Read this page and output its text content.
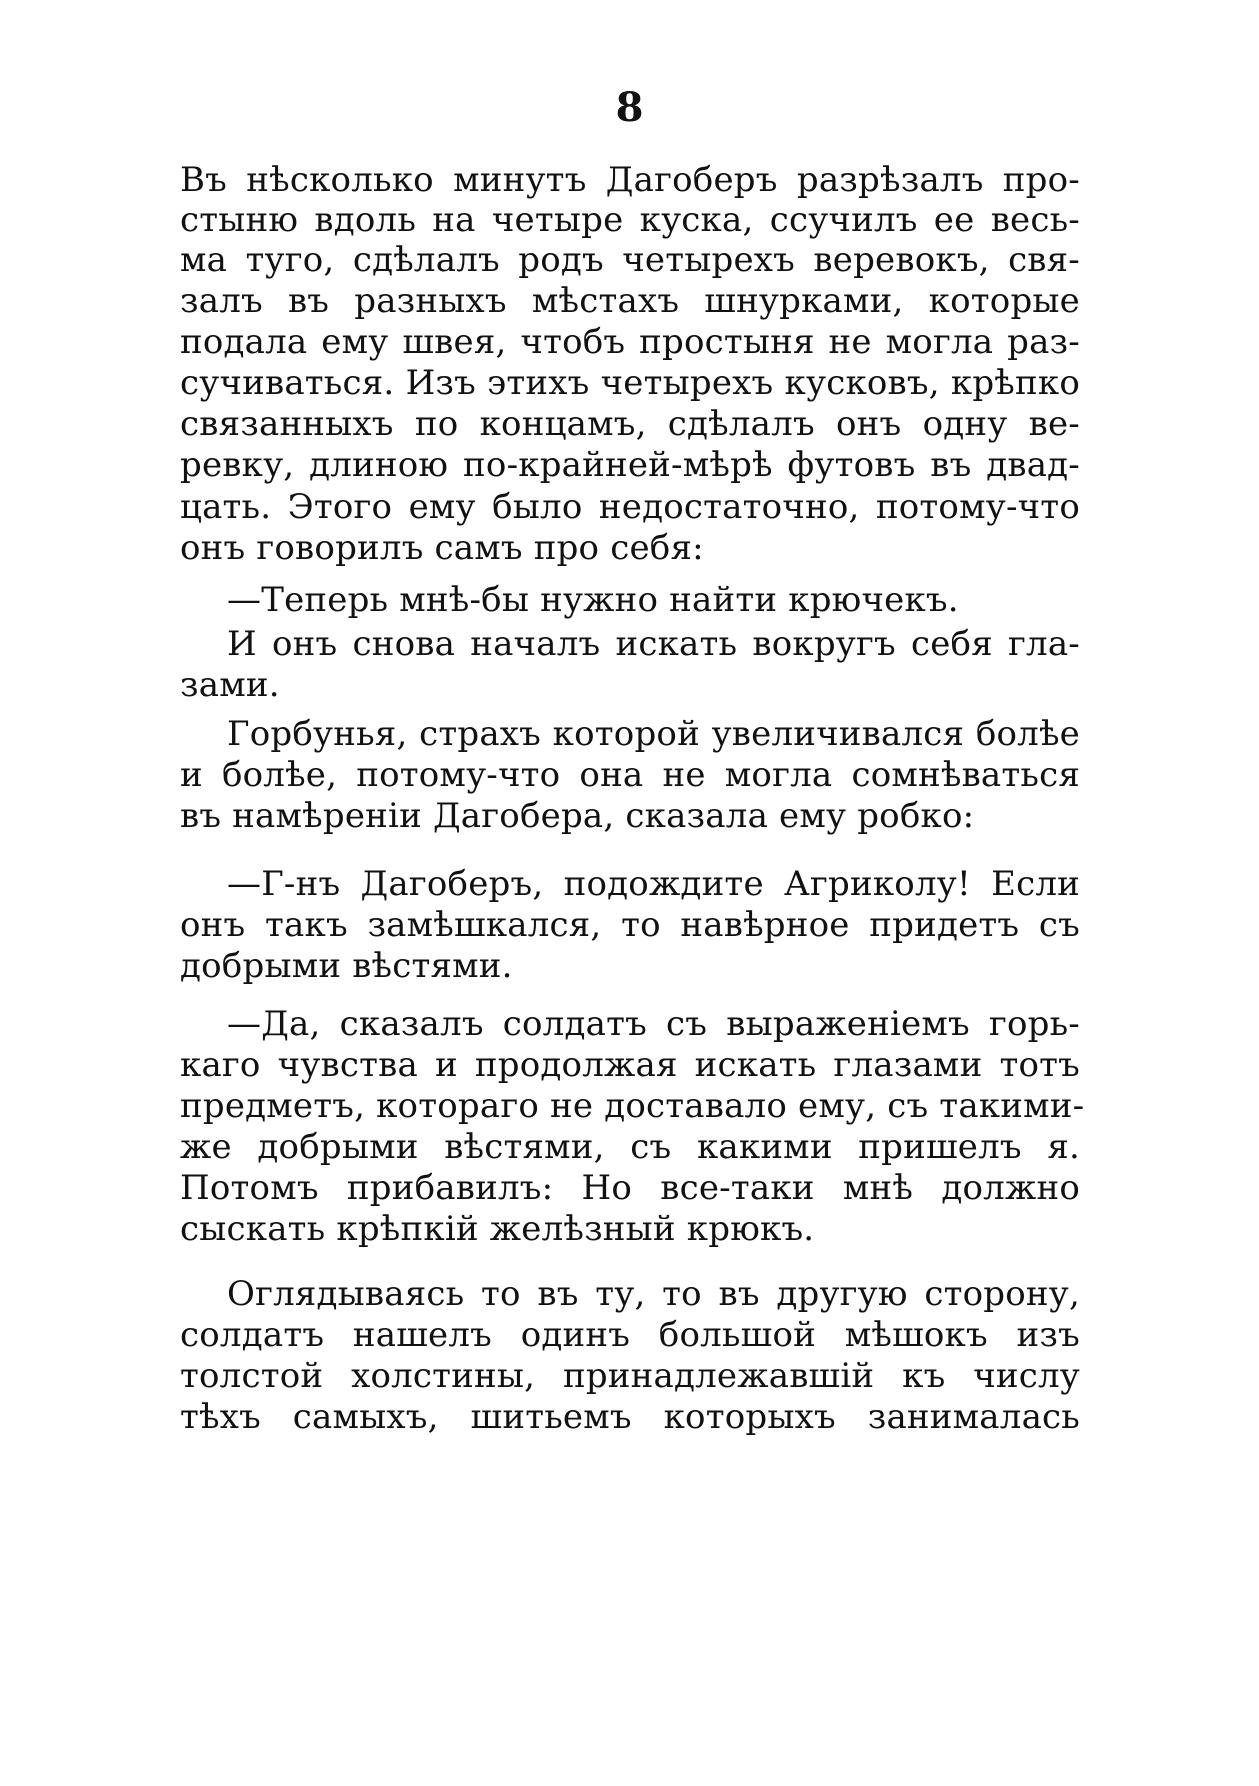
8
Въ нѣсколько минутъ Дагоберъ разрѣзалъ про-
стыню вдоль на четыре куска, ссучилъ ее весь-
ма туго, сдѣлалъ родъ четырехъ веревокъ, свя-
залъ въ разныхъ мѣстахъ шнурками, которые
подала ему швея, чтобъ простыня не могла раз-
сучиваться. Изъ этихъ четырехъ кусковъ, крѣпко
связанныхъ по концамъ, сдѣлалъ онъ одну ве-
ревку, длиною по-крайней-мѣрѣ футовъ въ двад-
цать. Этого ему было недостаточно, потому-что
онъ говорилъ самъ про себя:
—Теперь мнѣ-бы нужно найти крючекъ.
И онъ снова началъ искать вокругъ себя гла-
зами.
Горбунья, страхъ которой увеличивался болѣе
и болѣе, потому-что она не могла сомнѣваться
въ намѣреніи Дагобера, сказала ему робко:
—Г-нъ Дагоберъ, подождите Агриколу! Если
онъ такъ замѣшкался, то навѣрное придетъ съ
добрыми вѣстями.
—Да, сказалъ солдатъ съ выраженіемъ горь-
каго чувства и продолжая искать глазами тотъ
предметъ, котораго не доставало ему, съ такими-
же добрыми вѣстями, съ какими пришелъ я.
Потомъ прибавилъ: Но все-таки мнѣ должно
сыскать крѣпкій желѣзный крюкъ.
Оглядываясь то въ ту, то въ другую сторону,
солдатъ нашелъ одинъ большой мѣшокъ изъ
толстой холстины, принадлежавшій къ числу
тѣхъ самыхъ, шитьемъ которыхъ занималась
